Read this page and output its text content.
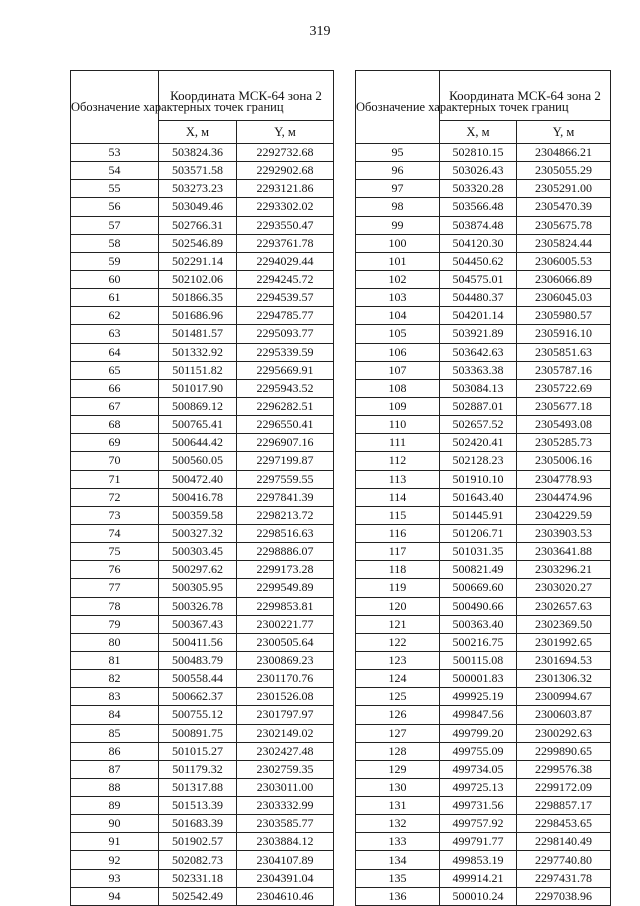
319
Обозначение характерных точек границ	Координата МСК-64 зона 2	
	X, м	Y, м
53	503824.36	2292732.68
54	503571.58	2292902.68
55	503273.23	2293121.86
56	503049.46	2293302.02
57	502766.31	2293550.47
58	502546.89	2293761.78
59	502291.14	2294029.44
60	502102.06	2294245.72
61	501866.35	2294539.57
62	501686.96	2294785.77
63	501481.57	2295093.77
64	501332.92	2295339.59
65	501151.82	2295669.91
66	501017.90	2295943.52
67	500869.12	2296282.51
68	500765.41	2296550.41
69	500644.42	2296907.16
70	500560.05	2297199.87
71	500472.40	2297559.55
72	500416.78	2297841.39
73	500359.58	2298213.72
74	500327.32	2298516.63
75	500303.45	2298886.07
76	500297.62	2299173.28
77	500305.95	2299549.89
78	500326.78	2299853.81
79	500367.43	2300221.77
80	500411.56	2300505.64
81	500483.79	2300869.23
82	500558.44	2301170.76
83	500662.37	2301526.08
84	500755.12	2301797.97
85	500891.75	2302149.02
86	501015.27	2302427.48
87	501179.32	2302759.35
88	501317.88	2303011.00
89	501513.39	2303332.99
90	501683.39	2303585.77
91	501902.57	2303884.12
92	502082.73	2304107.89
93	502331.18	2304391.04
94	502542.49	2304610.46
Обозначение характерных точек границ	Координата МСК-64 зона 2	
	X, м	Y, м
95	502810.15	2304866.21
96	503026.43	2305055.29
97	503320.28	2305291.00
98	503566.48	2305470.39
99	503874.48	2305675.78
100	504120.30	2305824.44
101	504450.62	2306005.53
102	504575.01	2306066.89
103	504480.37	2306045.03
104	504201.14	2305980.57
105	503921.89	2305916.10
106	503642.63	2305851.63
107	503363.38	2305787.16
108	503084.13	2305722.69
109	502887.01	2305677.18
110	502657.52	2305493.08
111	502420.41	2305285.73
112	502128.23	2305006.16
113	501910.10	2304778.93
114	501643.40	2304474.96
115	501445.91	2304229.59
116	501206.71	2303903.53
117	501031.35	2303641.88
118	500821.49	2303296.21
119	500669.60	2303020.27
120	500490.66	2302657.63
121	500363.40	2302369.50
122	500216.75	2301992.65
123	500115.08	2301694.53
124	500001.83	2301306.32
125	499925.19	2300994.67
126	499847.56	2300603.87
127	499799.20	2300292.63
128	499755.09	2299890.65
129	499734.05	2299576.38
130	499725.13	2299172.09
131	499731.56	2298857.17
132	499757.92	2298453.65
133	499791.77	2298140.49
134	499853.19	2297740.80
135	499914.21	2297431.78
136	500010.24	2297038.96
